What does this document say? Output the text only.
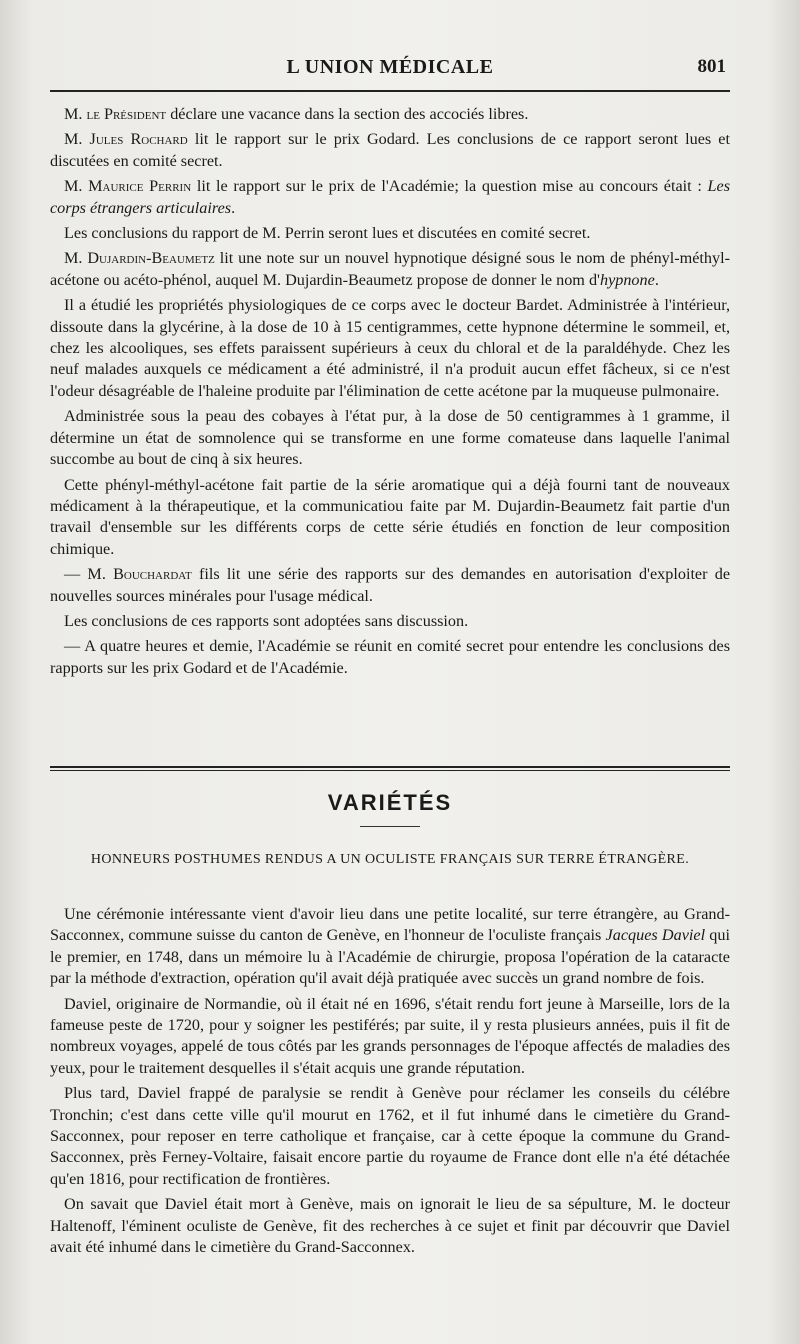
L UNION MÉDICALE	801

M. le Président déclare une vacance dans la section des accociés libres.

M. Jules Rochard lit le rapport sur le prix Godard. Les conclusions de ce rapport seront lues et discutées en comité secret.

M. Maurice Perrin lit le rapport sur le prix de l'Académie; la question mise au concours était : Les corps étrangers articulaires.

Les conclusions du rapport de M. Perrin seront lues et discutées en comité secret.

M. Dujardin-Beaumetz lit une note sur un nouvel hypnotique désigné sous le nom de phényl-méthyl-acétone ou acéto-phénol, auquel M. Dujardin-Beaumetz propose de donner le nom d'hypnone.

Il a étudié les propriétés physiologiques de ce corps avec le docteur Bardet. Administrée à l'intérieur, dissoute dans la glycérine, à la dose de 10 à 15 centigrammes, cette hypnone détermine le sommeil, et, chez les alcooliques, ses effets paraissent supérieurs à ceux du chloral et de la paraldéhyde. Chez les neuf malades auxquels ce médicament a été administré, il n'a produit aucun effet fâcheux, si ce n'est l'odeur désagréable de l'haleine produite par l'élimination de cette acétone par la muqueuse pulmonaire.

Administrée sous la peau des cobayes à l'état pur, à la dose de 50 centigrammes à 1 gramme, il détermine un état de somnolence qui se transforme en une forme comateuse dans laquelle l'animal succombe au bout de cinq à six heures.

Cette phényl-méthyl-acétone fait partie de la série aromatique qui a déjà fourni tant de nouveaux médicament à la thérapeutique, et la communicatiou faite par M. Dujardin-Beaumetz fait partie d'un travail d'ensemble sur les différents corps de cette série étudiés en fonction de leur composition chimique.

— M. Bouchardat fils lit une série des rapports sur des demandes en autorisation d'exploiter de nouvelles sources minérales pour l'usage médical.

Les conclusions de ces rapports sont adoptées sans discussion.

— A quatre heures et demie, l'Académie se réunit en comité secret pour entendre les conclusions des rapports sur les prix Godard et de l'Académie.

VARIÉTÉS
HONNEURS POSTHUMES RENDUS A UN OCULISTE FRANÇAIS SUR TERRE ÉTRANGÈRE.

Une cérémonie intéressante vient d'avoir lieu dans une petite localité, sur terre étrangère, au Grand-Sacconnex, commune suisse du canton de Genève, en l'honneur de l'oculiste français Jacques Daviel qui le premier, en 1748, dans un mémoire lu à l'Académie de chirurgie, proposa l'opération de la cataracte par la méthode d'extraction, opération qu'il avait déjà pratiquée avec succès un grand nombre de fois.

Daviel, originaire de Normandie, où il était né en 1696, s'était rendu fort jeune à Marseille, lors de la fameuse peste de 1720, pour y soigner les pestiférés; par suite, il y resta plusieurs années, puis il fit de nombreux voyages, appelé de tous côtés par les grands personnages de l'époque affectés de maladies des yeux, pour le traitement desquelles il s'était acquis une grande réputation.

Plus tard, Daviel frappé de paralysie se rendit à Genève pour réclamer les conseils du célébre Tronchin; c'est dans cette ville qu'il mourut en 1762, et il fut inhumé dans le cimetière du Grand-Sacconnex, pour reposer en terre catholique et française, car à cette époque la commune du Grand-Sacconnex, près Ferney-Voltaire, faisait encore partie du royaume de France dont elle n'a été détachée qu'en 1816, pour rectification de frontières.

On savait que Daviel était mort à Genève, mais on ignorait le lieu de sa sépulture, M. le docteur Haltenoff, l'éminent oculiste de Genève, fit des recherches à ce sujet et finit par découvrir que Daviel avait été inhumé dans le cimetière du Grand-Sacconnex.
